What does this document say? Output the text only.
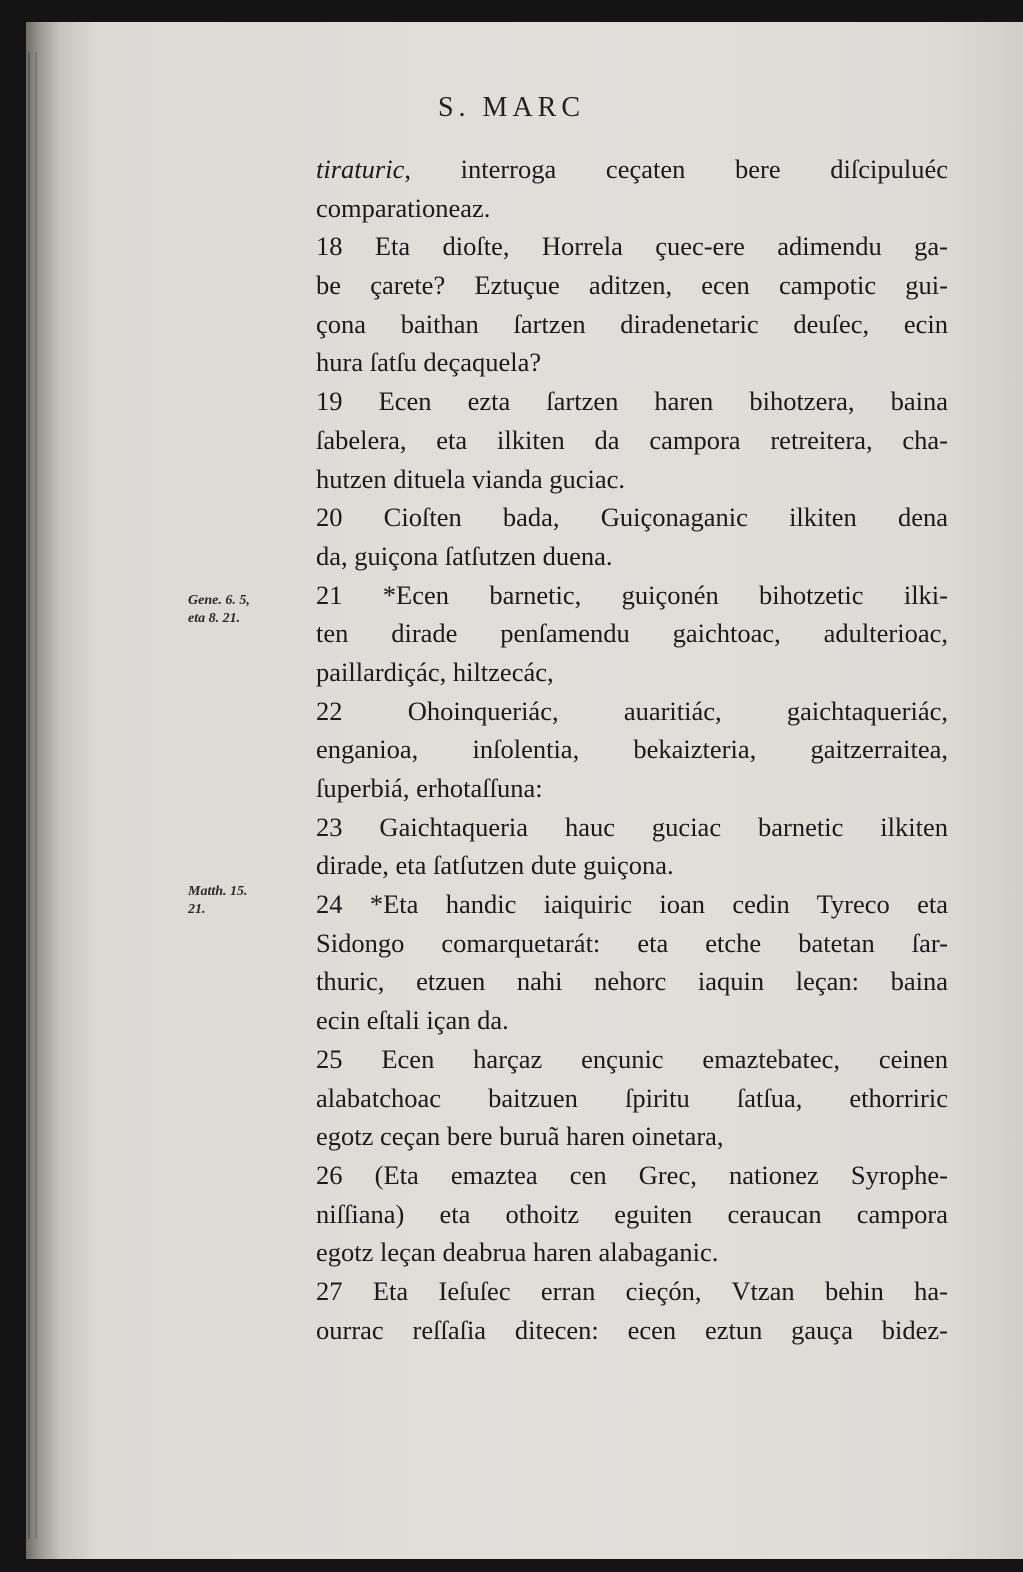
S. MARC
Gene. 6. 5,
eta 8. 21.
Matth. 15.
21.
tiraturic, interroga ceçaten bere diſcipuluéc
comparationeaz.
18 Eta dioſte, Horrela çuec-ere adimendu ga-
be çarete? Eztuçue aditzen, ecen campotic gui-
çona baithan ſartzen diradenetaric deuſec, ecin
hura ſatſu deçaquela?
19 Ecen ezta ſartzen haren bihotzera, baina
ſabelera, eta ilkiten da campora retreitera, cha-
hutzen dituela vianda guciac.
20 Cioſten bada, Guiçonaganic ilkiten dena
da, guiçona ſatſutzen duena.
21 *Ecen barnetic, guiçonén bihotzetic ilki-
ten dirade penſamendu gaichtoac, adulterioac,
paillardiçác, hiltzecác,
22 Ohoinqueriác, auaritiác, gaichtaqueriác,
enganioa, inſolentia, bekaizteria, gaitzerraitea,
ſuperbiá, erhotaſſuna:
23 Gaichtaqueria hauc guciac barnetic ilkiten
dirade, eta ſatſutzen dute guiçona.
24 *Eta handic iaiquiric ioan cedin Tyreco eta
Sidongo comarquetarát: eta etche batetan ſar-
thuric, etzuen nahi nehorc iaquin leçan: baina
ecin eſtali içan da.
25 Ecen harçaz ençunic emaztebatec, ceinen
alabatchoac baitzuen ſpiritu ſatſua, ethorriric
egotz ceçan bere buruã haren oinetara,
26 (Eta emaztea cen Grec, nationez Syrophe-
niſſiana) eta othoitz eguiten ceraucan campora
egotz leçan deabrua haren alabaganic.
27 Eta Ieſuſec erran cieçón, Vtzan behin ha-
ourrac reſſaſia ditecen: ecen eztun gauça bidez-
